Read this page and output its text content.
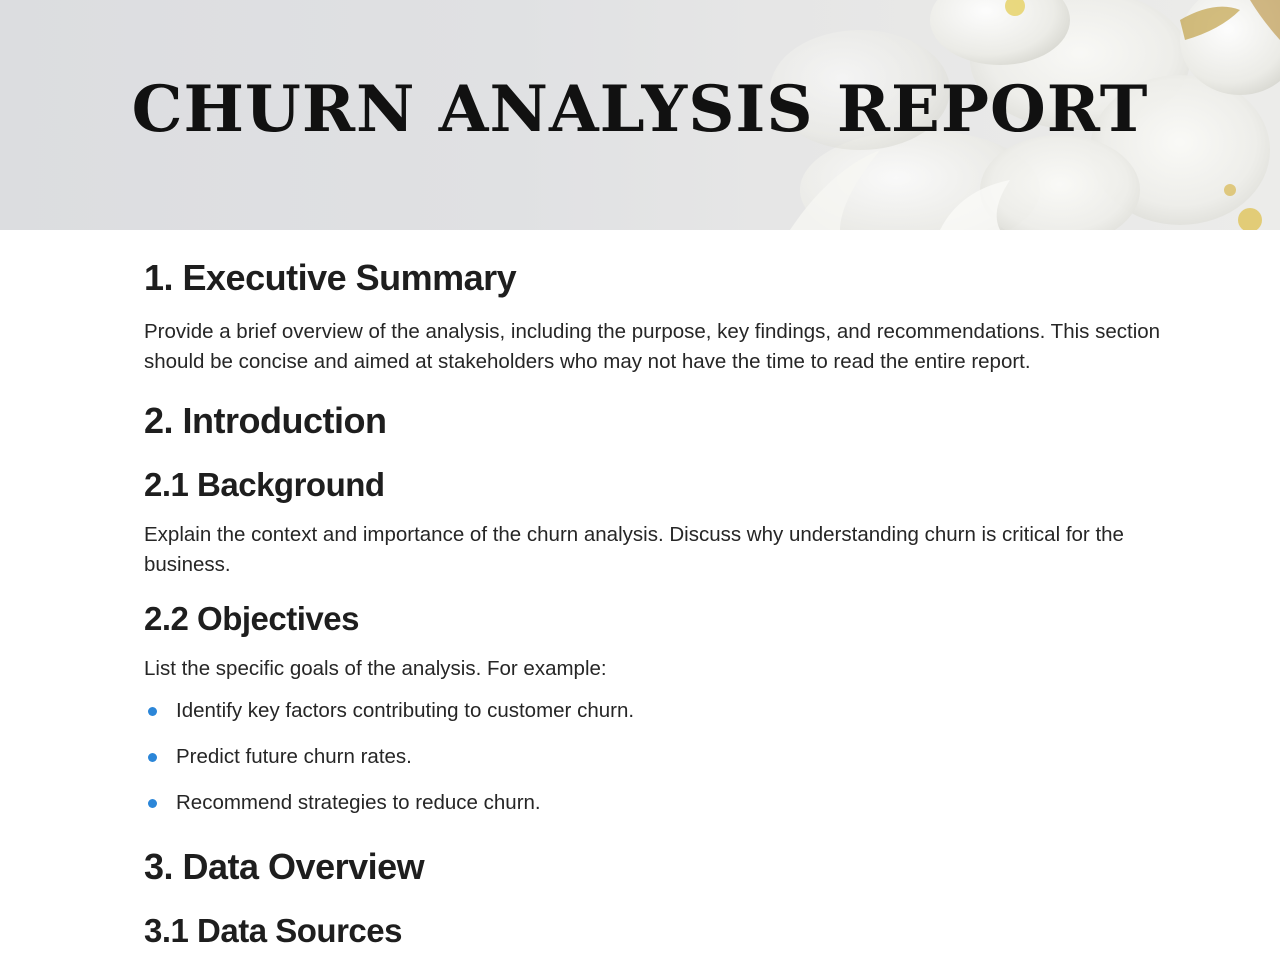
CHURN ANALYSIS REPORT
1. Executive Summary
Provide a brief overview of the analysis, including the purpose, key findings, and recommendations. This section should be concise and aimed at stakeholders who may not have the time to read the entire report.
2. Introduction
2.1 Background
Explain the context and importance of the churn analysis. Discuss why understanding churn is critical for the business.
2.2 Objectives
List the specific goals of the analysis. For example:
Identify key factors contributing to customer churn.
Predict future churn rates.
Recommend strategies to reduce churn.
3. Data Overview
3.1 Data Sources
